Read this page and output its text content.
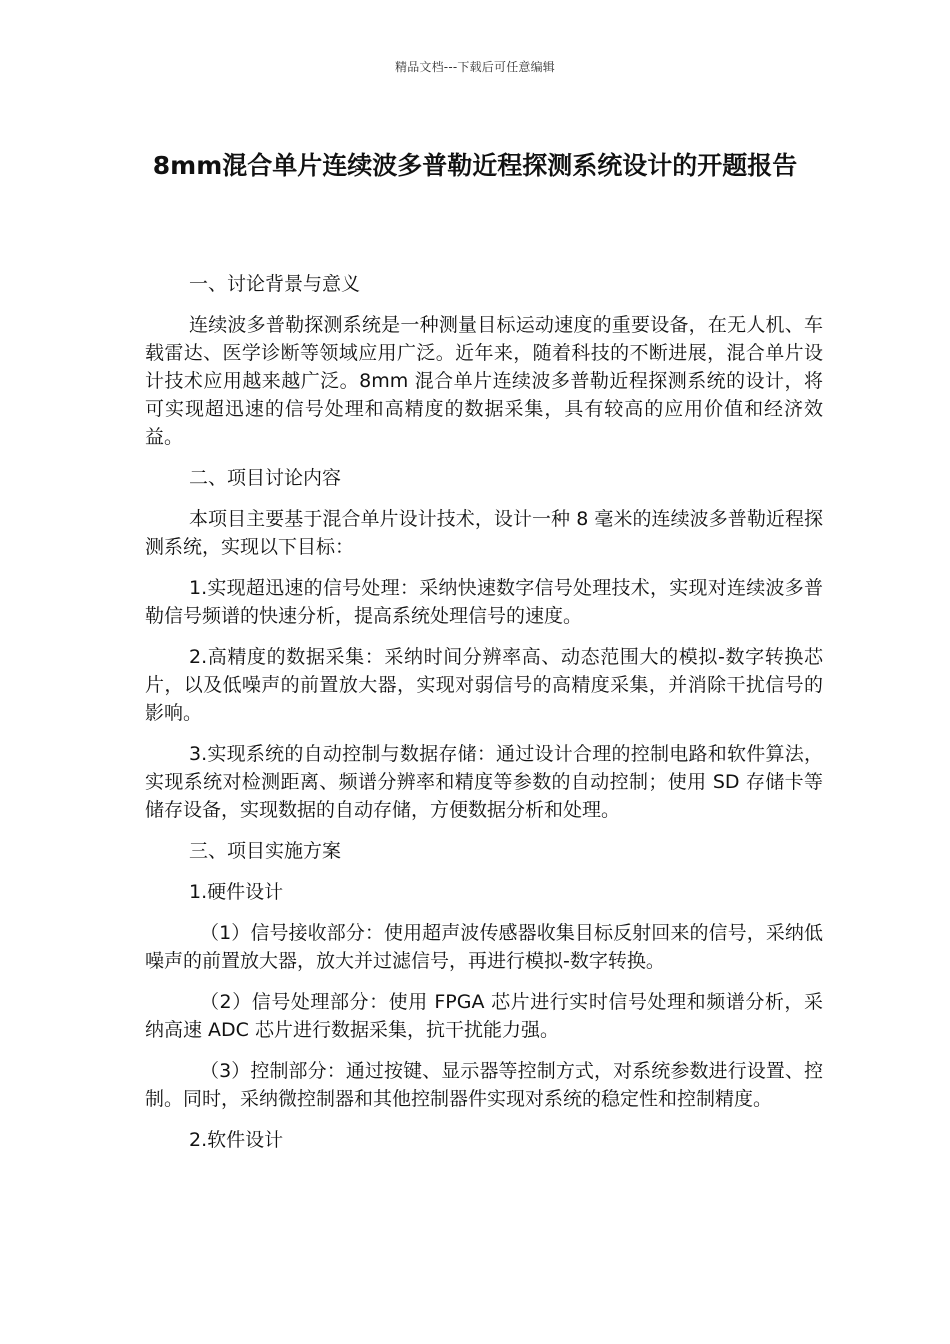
精品文档---下载后可任意编辑
8mm混合单片连续波多普勒近程探测系统设计的开题报告

一、讨论背景与意义

连续波多普勒探测系统是一种测量目标运动速度的重要设备，在无人机、车载雷达、医学诊断等领域应用广泛。近年来，随着科技的不断进展，混合单片设计技术应用越来越广泛。8mm 混合单片连续波多普勒近程探测系统的设计，将可实现超迅速的信号处理和高精度的数据采集，具有较高的应用价值和经济效益。

二、项目讨论内容

本项目主要基于混合单片设计技术，设计一种 8 毫米的连续波多普勒近程探测系统，实现以下目标：

1.实现超迅速的信号处理：采纳快速数字信号处理技术，实现对连续波多普勒信号频谱的快速分析，提高系统处理信号的速度。

2.高精度的数据采集：采纳时间分辨率高、动态范围大的模拟-数字转换芯片，以及低噪声的前置放大器，实现对弱信号的高精度采集，并消除干扰信号的影响。

3.实现系统的自动控制与数据存储：通过设计合理的控制电路和软件算法，实现系统对检测距离、频谱分辨率和精度等参数的自动控制；使用 SD 存储卡等储存设备，实现数据的自动存储，方便数据分析和处理。

三、项目实施方案

1.硬件设计

（1）信号接收部分：使用超声波传感器收集目标反射回来的信号，采纳低噪声的前置放大器，放大并过滤信号，再进行模拟-数字转换。

（2）信号处理部分：使用 FPGA 芯片进行实时信号处理和频谱分析，采纳高速 ADC 芯片进行数据采集，抗干扰能力强。

（3）控制部分：通过按键、显示器等控制方式，对系统参数进行设置、控制。同时，采纳微控制器和其他控制器件实现对系统的稳定性和控制精度。

2.软件设计
